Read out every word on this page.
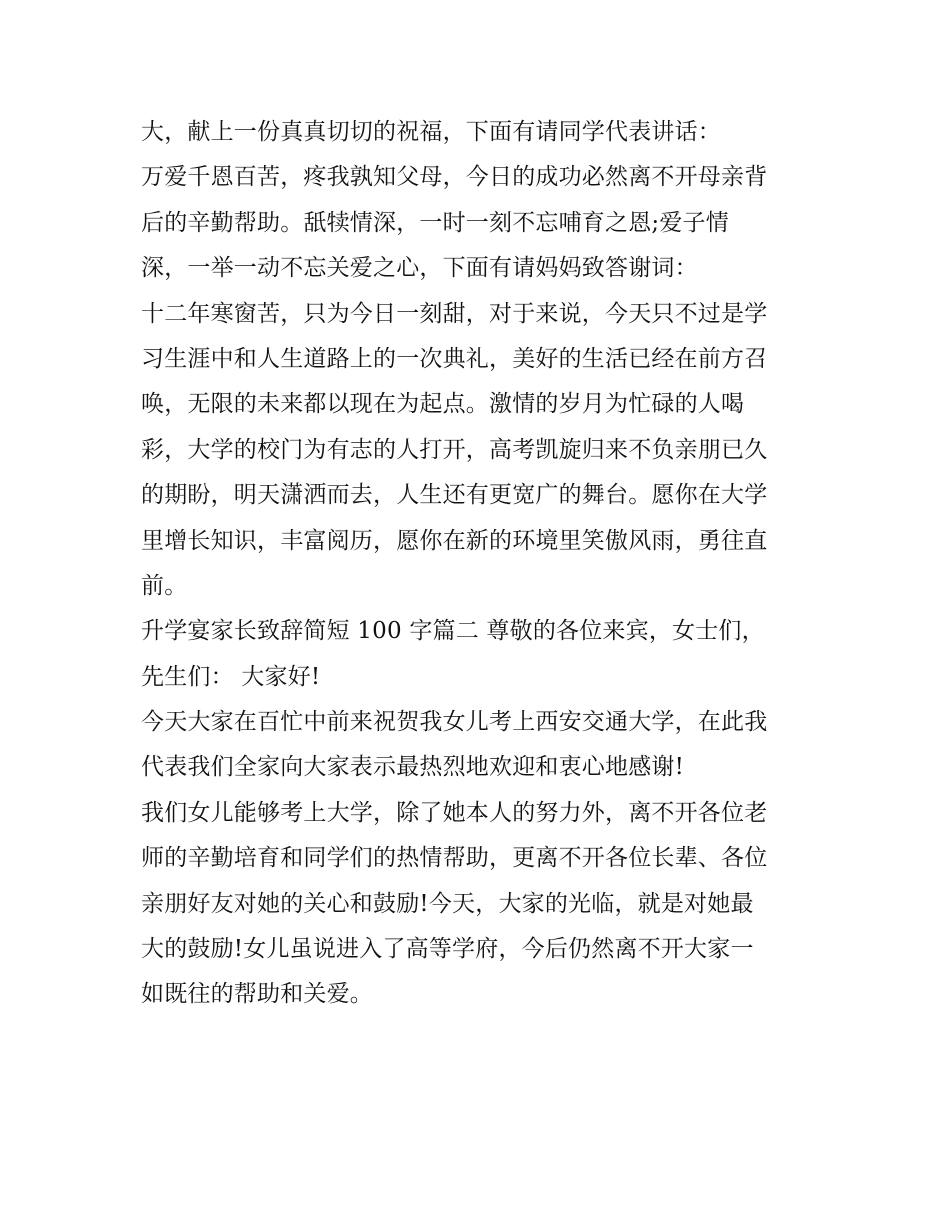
大，献上一份真真切切的祝福，下面有请同学代表讲话：
万爱千恩百苦，疼我孰知父母，今日的成功必然离不开母亲背
后的辛勤帮助。舐犊情深，一时一刻不忘哺育之恩;爱子情
深，一举一动不忘关爱之心，下面有请妈妈致答谢词：
十二年寒窗苦，只为今日一刻甜，对于来说，今天只不过是学
习生涯中和人生道路上的一次典礼，美好的生活已经在前方召
唤，无限的未来都以现在为起点。激情的岁月为忙碌的人喝
彩，大学的校门为有志的人打开，高考凯旋归来不负亲朋已久
的期盼，明天潇洒而去，人生还有更宽广的舞台。愿你在大学
里增长知识，丰富阅历，愿你在新的环境里笑傲风雨，勇往直
前。
升学宴家长致辞简短 100 字篇二 尊敬的各位来宾，女士们，
先生们： 大家好!
今天大家在百忙中前来祝贺我女儿考上西安交通大学，在此我
代表我们全家向大家表示最热烈地欢迎和衷心地感谢!
我们女儿能够考上大学，除了她本人的努力外，离不开各位老
师的辛勤培育和同学们的热情帮助，更离不开各位长辈、各位
亲朋好友对她的关心和鼓励!今天，大家的光临，就是对她最
大的鼓励!女儿虽说进入了高等学府，今后仍然离不开大家一
如既往的帮助和关爱。
